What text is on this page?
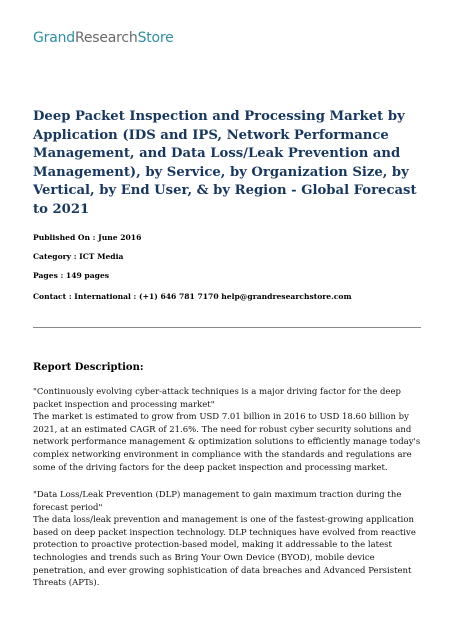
GrandResearchStore
Deep Packet Inspection and Processing Market by Application (IDS and IPS, Network Performance Management, and Data Loss/Leak Prevention and Management), by Service, by Organization Size, by Vertical, by End User, & by Region - Global Forecast to 2021
Published On : June 2016
Category : ICT Media
Pages : 149 pages
Contact : International : (+1) 646 781 7170 help@grandresearchstore.com
Report Description:

"Continuously evolving cyber-attack techniques is a major driving factor for the deep packet inspection and processing market"
The market is estimated to grow from USD 7.01 billion in 2016 to USD 18.60 billion by 2021, at an estimated CAGR of 21.6%. The need for robust cyber security solutions and network performance management & optimization solutions to efficiently manage today's complex networking environment in compliance with the standards and regulations are some of the driving factors for the deep packet inspection and processing market.

"Data Loss/Leak Prevention (DLP) management to gain maximum traction during the forecast period"
The data loss/leak prevention and management is one of the fastest-growing application based on deep packet inspection technology. DLP techniques have evolved from reactive protection to proactive protection-based model, making it addressable to the latest technologies and trends such as Bring Your Own Device (BYOD), mobile device penetration, and ever growing sophistication of data breaches and Advanced Persistent Threats (APTs).
